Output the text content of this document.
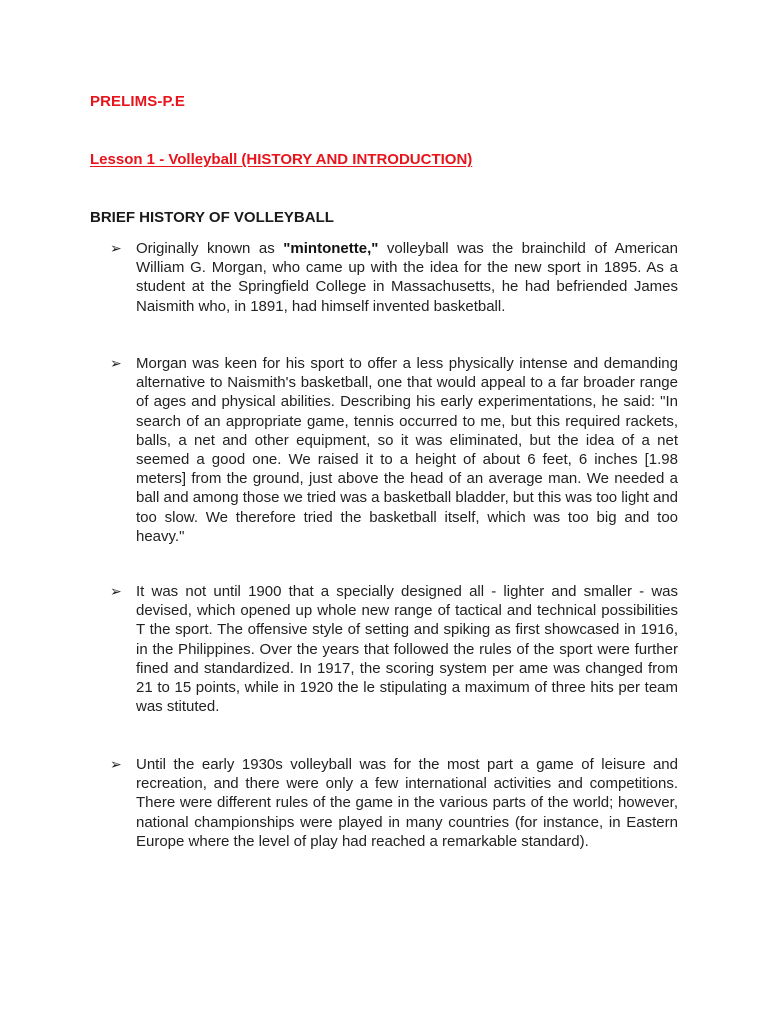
PRELIMS-P.E
Lesson 1 - Volleyball (HISTORY AND INTRODUCTION)
BRIEF HISTORY OF VOLLEYBALL
➢ Originally known as "mintonette," volleyball was the brainchild of American William G. Morgan, who came up with the idea for the new sport in 1895. As a student at the Springfield College in Massachusetts, he had befriended James Naismith who, in 1891, had himself invented basketball.
➢ Morgan was keen for his sport to offer a less physically intense and demanding alternative to Naismith's basketball, one that would appeal to a far broader range of ages and physical abilities. Describing his early experimentations, he said: "In search of an appropriate game, tennis occurred to me, but this required rackets, balls, a net and other equipment, so it was eliminated, but the idea of a net seemed a good one. We raised it to a height of about 6 feet, 6 inches [1.98 meters] from the ground, just above the head of an average man. We needed a ball and among those we tried was a basketball bladder, but this was too light and too slow. We therefore tried the basketball itself, which was too big and too heavy."
➢ It was not until 1900 that a specially designed all - lighter and smaller - was devised, which opened up whole new range of tactical and technical possibilities T the sport. The offensive style of setting and spiking as first showcased in 1916, in the Philippines. Over the years that followed the rules of the sport were further fined and standardized. In 1917, the scoring system per ame was changed from 21 to 15 points, while in 1920 the le stipulating a maximum of three hits per team was stituted.
➢ Until the early 1930s volleyball was for the most part a game of leisure and recreation, and there were only a few international activities and competitions. There were different rules of the game in the various parts of the world; however, national championships were played in many countries (for instance, in Eastern Europe where the level of play had reached a remarkable standard).
